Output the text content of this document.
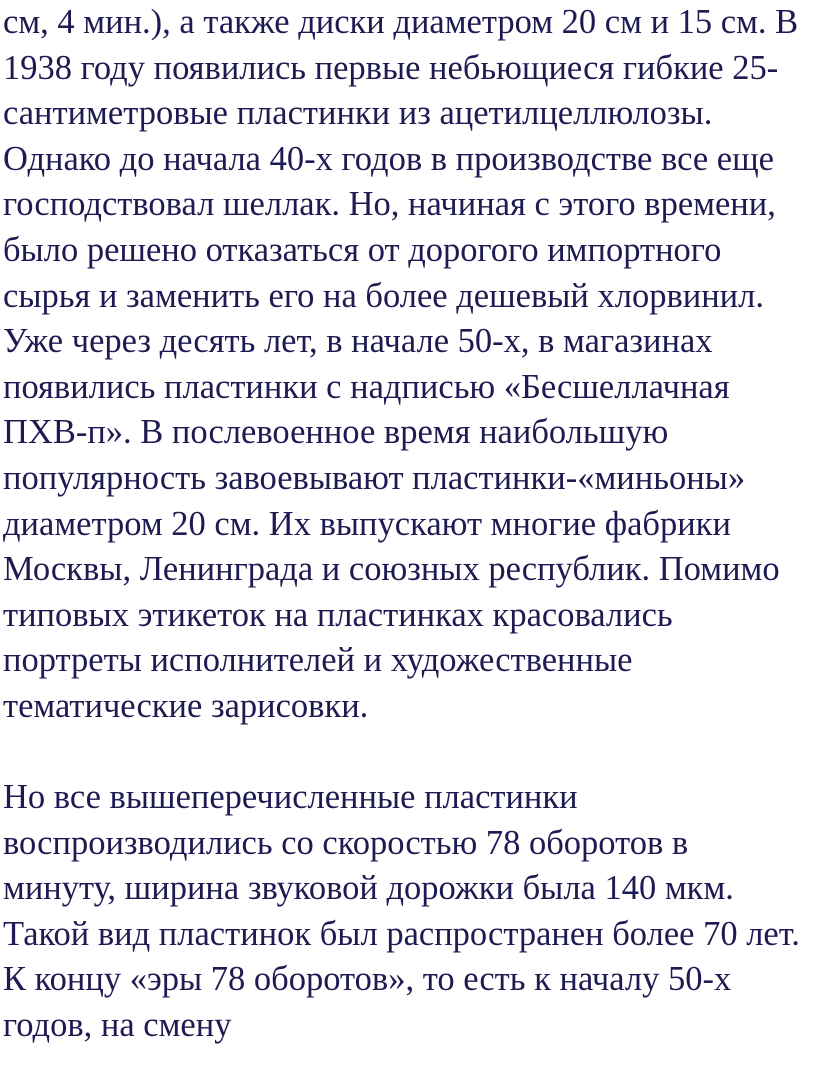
см, 4 мин.), а также диски диаметром 20 см и 15 см. В
1938 году появились первые небьющиеся гибкие 25-
сантиметровые пластинки из ацетилцеллюлозы.
Однако до начала 40-х годов в производстве все еще
господствовал шеллак. Но, начиная с этого времени,
было решено отказаться от дорогого импортного
сырья и заменить его на более дешевый хлорвинил.
Уже через десять лет, в начале 50-х, в магазинах
появились пластинки с надписью «Бесшеллачная
ПХВ-п». В послевоенное время наибольшую
популярность завоевывают пластинки-«миньоны»
диаметром 20 см. Их выпускают многие фабрики
Москвы, Ленинграда и союзных республик. Помимо
типовых этикеток на пластинках красовались
портреты исполнителей и художественные
тематические зарисовки.
Но все вышеперечисленные пластинки
воспроизводились со скоростью 78 оборотов в
минуту, ширина звуковой дорожки была 140 мкм.
Такой вид пластинок был распространен более 70 лет.
К концу «эры 78 оборотов», то есть к началу 50-х
годов, на смену
